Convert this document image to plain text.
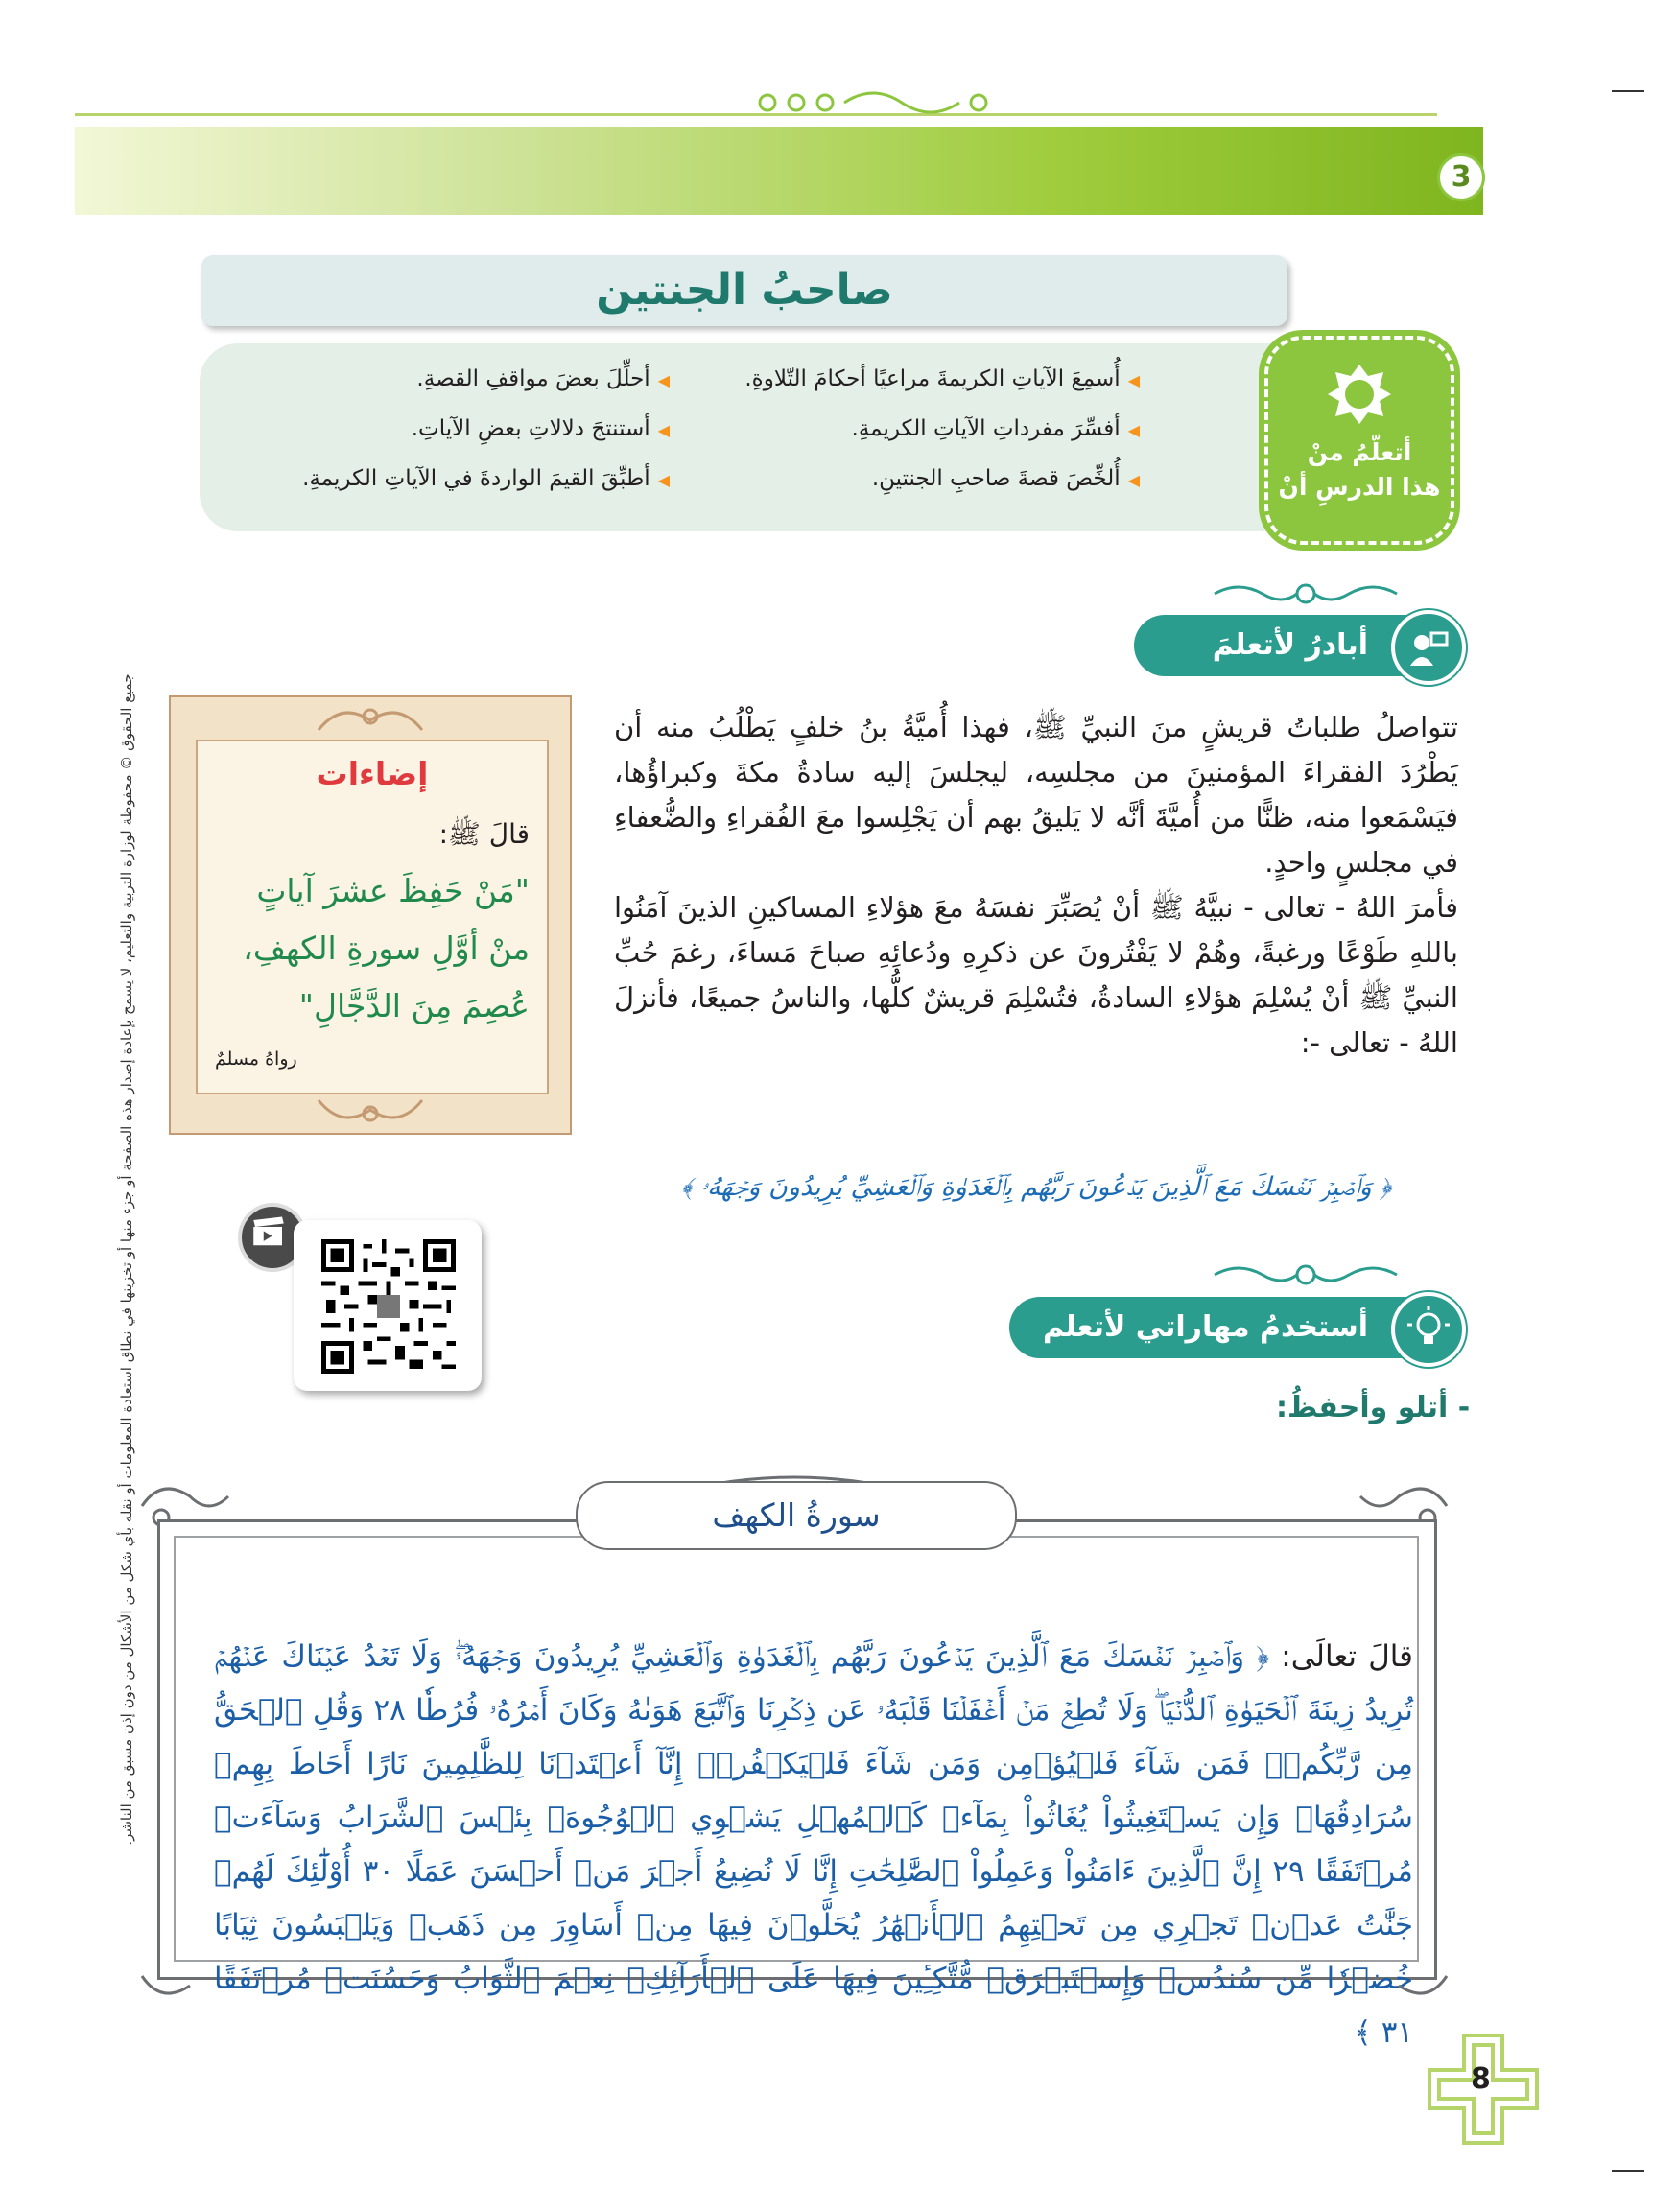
3
صاحبُ الجنتين
◀أُسمِعَ الآياتِ الكريمةَ مراعيًا أحكامَ التّلاوةِ.
◀أحلِّلَ بعضَ مواقفِ القصةِ.
◀أفسِّرَ مفرداتِ الآياتِ الكريمةِ.
◀أستنتجَ دلالاتِ بعضِ الآياتِ.
◀أُلخِّصَ قصةَ صاحبِ الجنتينِ.
◀أطبِّقَ القيمَ الواردةَ في الآياتِ الكريمةِ.
أتعلّمُ منْ
هذا الدرسِ أنْ
جميع الحقوق © محفوظة لوزارة التربية والتعليم، لا يسمح بإعادة إصدار هذه الصفحة أو جزء منها أو تخزينها في نطاق استعادة المعلومات أو نقله بأي شكل من الأشكال من دون إذن مسبق من الناشر.
أبادرُ لأتعلمَ

تتواصلُ طلباتُ قريشٍ منَ النبيِّ ﷺ، فهذا أُميَّةُ بنُ خلفٍ يَطْلُبُ منه أن يَطْرُدَ الفقراءَ المؤمنينَ من مجلسِه، ليجلسَ إليه سادةُ مكةَ وكبراؤُها، فيَسْمَعوا منه، ظنًّا من أُميَّةَ أنَّه لا يَليقُ بهم أن يَجْلِسوا معَ الفُقراءِ والضُّعفاءِ في مجلسٍ واحدٍ.

فأمرَ اللهُ - تعالى - نبيَّهُ ﷺ أنْ يُصَبِّرَ نفسَهُ معَ هؤلاءِ المساكينِ الذينَ آمَنُوا باللهِ طَوْعًا ورغبةً، وهُمْ لا يَفْتُرونَ عن ذكرِهِ ودُعائِهِ صباحَ مَساءَ، رغمَ حُبِّ النبيِّ ﷺ أنْ يُسْلِمَ هؤلاءِ السادةُ، فتُسْلِمَ قريشٌ كلُّها، والناسُ جميعًا، فأنزلَ اللهُ - تعالى -:

﴿ وَٱصۡبِرۡ نَفۡسَكَ مَعَ ٱلَّذِينَ يَدۡعُونَ رَبَّهُم بِٱلۡغَدَوٰةِ وَٱلۡعَشِيِّ يُرِيدُونَ وَجۡهَهُۥ ﴾
إضاءات
قالَ ﷺ:
"مَنْ حَفِظَ عشرَ آياتٍ منْ أوَّلِ سورةِ الكهفِ، عُصِمَ مِنَ الدَّجَّالِ"
رواهُ مسلمٌ
أستخدمُ مهاراتي لأتعلم
- أتلو وأحفظُ:
قالَ تعالَى: ﴿ وَٱصۡبِرۡ نَفۡسَكَ مَعَ ٱلَّذِينَ يَدۡعُونَ رَبَّهُم بِٱلۡغَدَوٰةِ وَٱلۡعَشِيِّ يُرِيدُونَ وَجۡهَهُۥۖ وَلَا تَعۡدُ عَيۡنَاكَ عَنۡهُمۡ تُرِيدُ زِينَةَ ٱلۡحَيَوٰةِ ٱلدُّنۡيَاۖ وَلَا تُطِعۡ مَنۡ أَغۡفَلۡنَا قَلۡبَهُۥ عَن ذِكۡرِنَا وَٱتَّبَعَ هَوَىٰهُ وَكَانَ أَمۡرُهُۥ فُرُطٗا ٢٨ وَقُلِ ٱلۡحَقُّ مِن رَّبِّكُمۡۖ فَمَن شَآءَ فَلۡيُؤۡمِن وَمَن شَآءَ فَلۡيَكۡفُرۡۚ إِنَّآ أَعۡتَدۡنَا لِلظَّٰلِمِينَ نَارًا أَحَاطَ بِهِمۡ سُرَادِقُهَاۚ وَإِن يَسۡتَغِيثُواْ يُغَاثُواْ بِمَآءٖ كَٱلۡمُهۡلِ يَشۡوِي ٱلۡوُجُوهَۚ بِئۡسَ ٱلشَّرَابُ وَسَآءَتۡ مُرۡتَفَقًا ٢٩ إِنَّ ٱلَّذِينَ ءَامَنُواْ وَعَمِلُواْ ٱلصَّٰلِحَٰتِ إِنَّا لَا نُضِيعُ أَجۡرَ مَنۡ أَحۡسَنَ عَمَلًا ٣٠ أُوْلَٰٓئِكَ لَهُمۡ جَنَّٰتُ عَدۡنٖ تَجۡرِي مِن تَحۡتِهِمُ ٱلۡأَنۡهَٰرُ يُحَلَّوۡنَ فِيهَا مِنۡ أَسَاوِرَ مِن ذَهَبٖ وَيَلۡبَسُونَ ثِيَابًا خُضۡرٗا مِّن سُندُسٖ وَإِسۡتَبۡرَقٖ مُّتَّكِـِٔينَ فِيهَا عَلَى ٱلۡأَرَآئِكِۚ نِعۡمَ ٱلثَّوَابُ وَحَسُنَتۡ مُرۡتَفَقًا ٣١ ﴾
سورةُ الكهف
8
